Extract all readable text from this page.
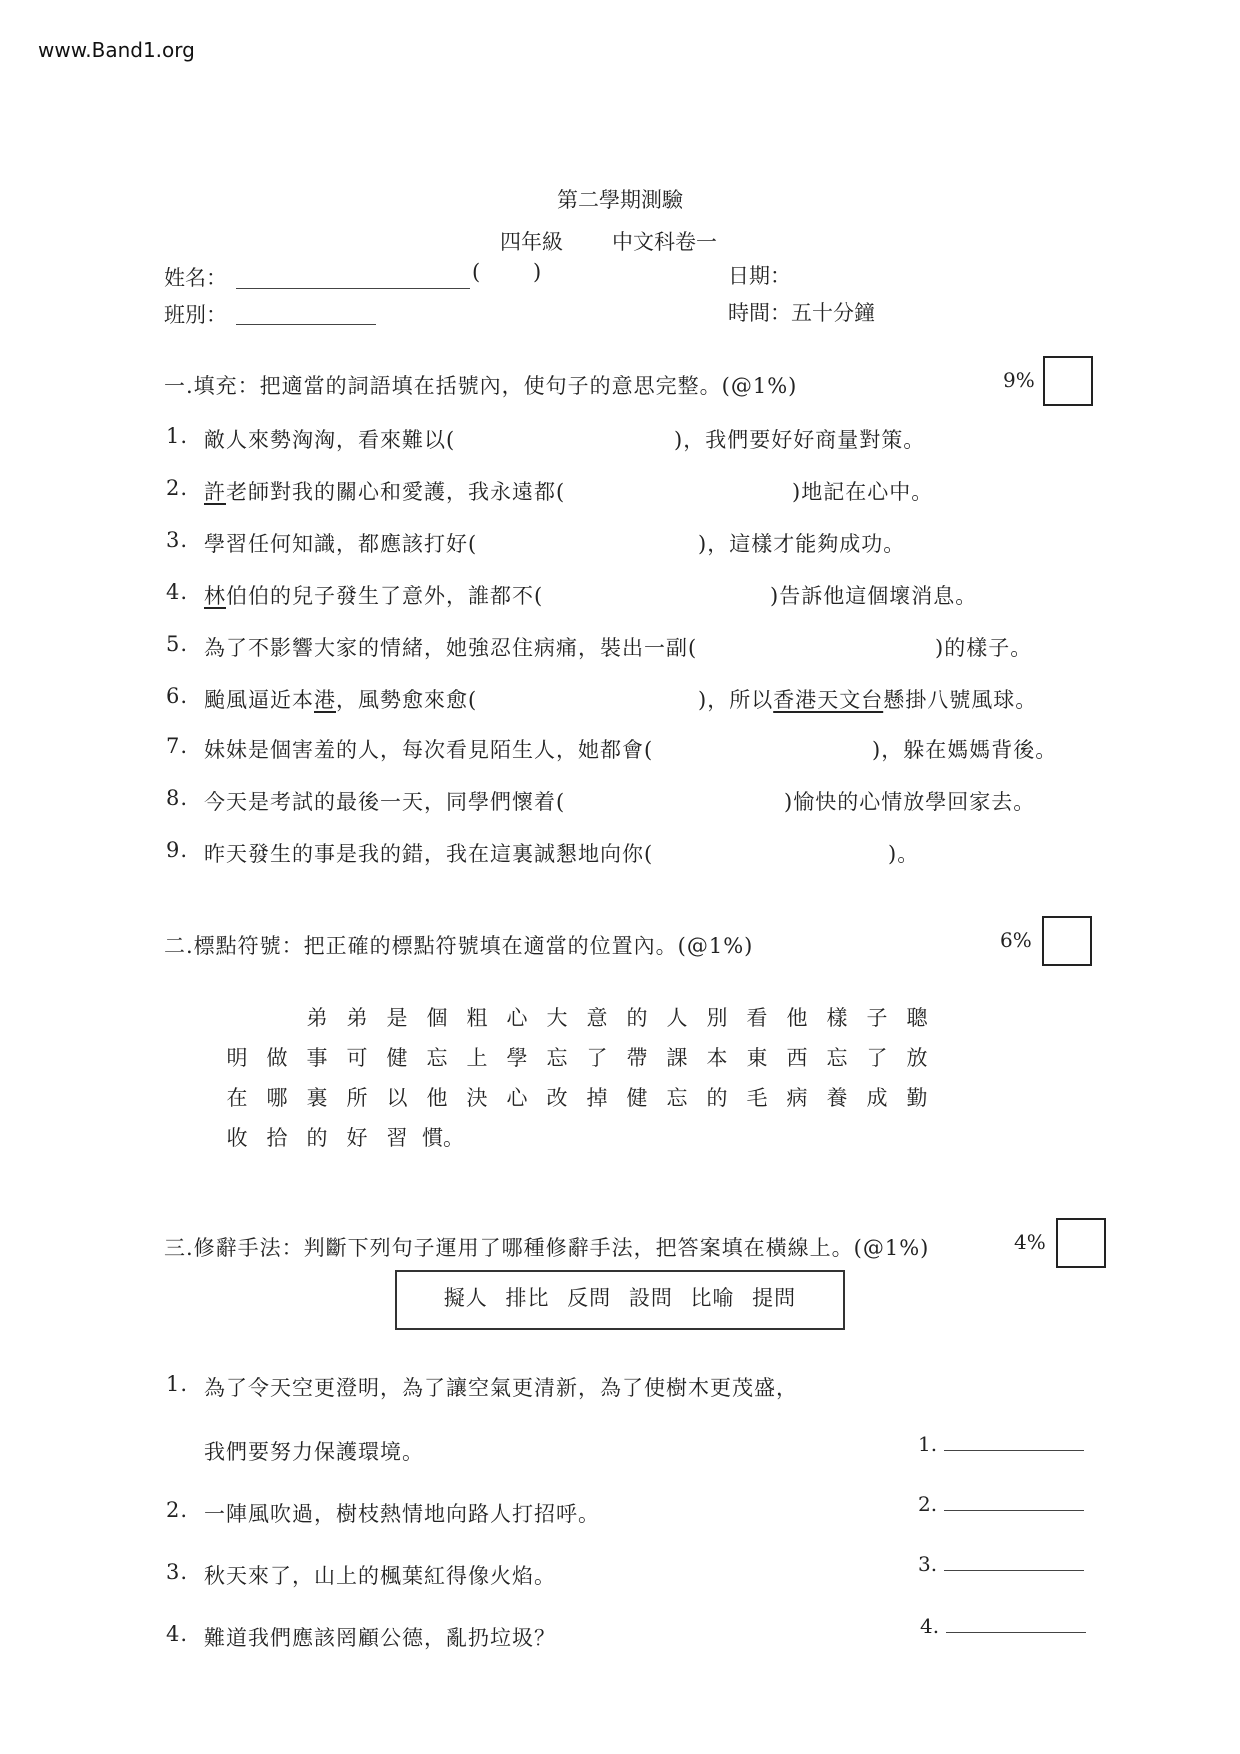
www.Band1.org
第二學期測驗
四年級 中文科卷一
姓名：	(	)	日期：
班別：	時間：五十分鐘
一.填充：把適當的詞語填在括號內，使句子的意思完整。(@1%)	9%
1. 敵人來勢洶洶，看來難以(	)，我們要好好商量對策。
2. 許老師對我的關心和愛護，我永遠都(	)地記在心中。
3. 學習任何知識，都應該打好(	)，這樣才能夠成功。
4. 林伯伯的兒子發生了意外，誰都不(	)告訴他這個壞消息。
5. 為了不影響大家的情緒，她強忍住病痛，裝出一副(	)的樣子。
6. 颱風逼近本港，風勢愈來愈(	)，所以香港天文台懸掛八號風球。
7. 妹妹是個害羞的人，每次看見陌生人，她都會(	)，躲在媽媽背後。
8. 今天是考試的最後一天，同學們懷着(	)愉快的心情放學回家去。
9. 昨天發生的事是我的錯，我在這裏誠懇地向你(	)。
二.標點符號：把正確的標點符號填在適當的位置內。(@1%)	6%
弟 弟 是 個 粗 心 大 意 的 人 別 看 他 樣 子 聰
明 做 事 可 健 忘 上 學 忘 了 帶 課 本 東 西 忘 了 放
在 哪 裏 所 以 他 決 心 改 掉 健 忘 的 毛 病 養 成 勤
收 拾 的 好 習 慣。
三.修辭手法：判斷下列句子運用了哪種修辭手法，把答案填在橫線上。(@1%)	4%
擬人 排比 反問 設問 比喻 提問
1. 為了令天空更澄明，為了讓空氣更清新，為了使樹木更茂盛，
我們要努力保護環境。	1.
2. 一陣風吹過，樹枝熱情地向路人打招呼。	2.
3. 秋天來了，山上的楓葉紅得像火焰。	3.
4. 難道我們應該罔顧公德，亂扔垃圾？	4.
